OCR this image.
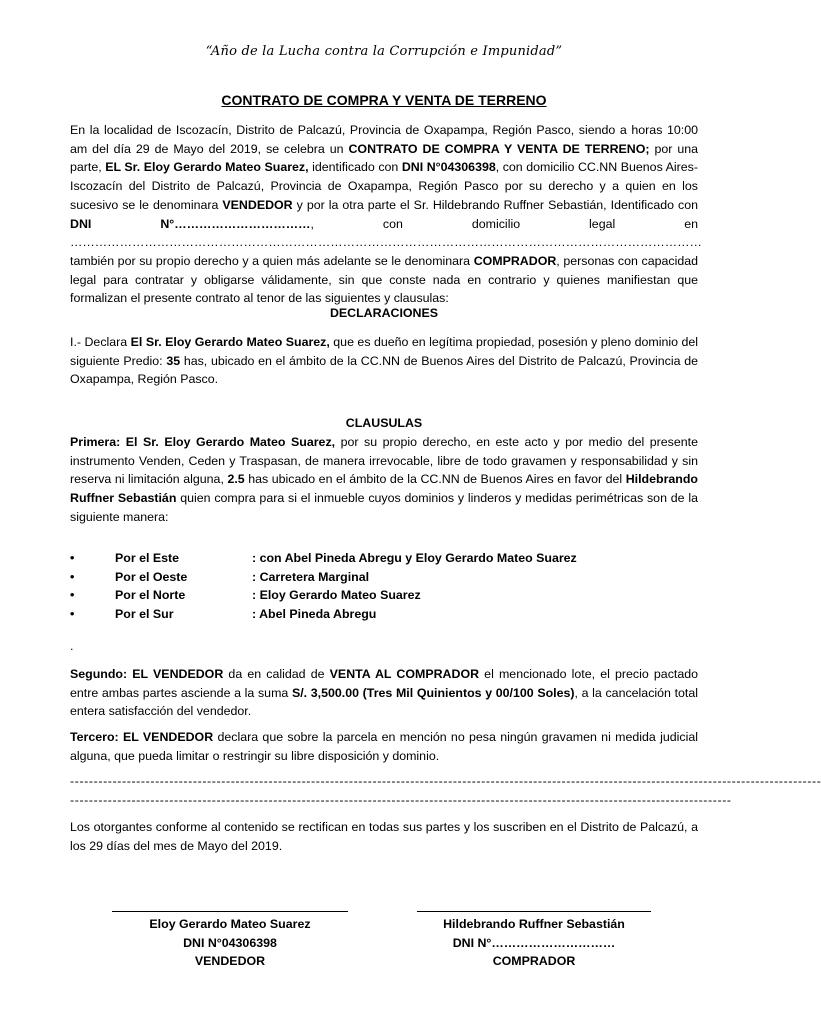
“Año de la Lucha contra la Corrupción e Impunidad”
CONTRATO DE COMPRA Y VENTA DE TERRENO

En la localidad de Iscozacín, Distrito de Palcazú, Provincia de Oxapampa, Región Pasco, siendo a horas 10:00 am del día 29 de Mayo del 2019, se celebra un CONTRATO DE COMPRA Y VENTA DE TERRENO; por una parte, EL Sr. Eloy Gerardo Mateo Suarez, identificado con DNI N°04306398, con domicilio CC.NN Buenos Aires-Iscozacín del Distrito de Palcazú, Provincia de Oxapampa, Región Pasco por su derecho y a quien en los sucesivo se le denominara VENDEDOR y por la otra parte el Sr. Hildebrando Ruffner Sebastián, Identificado con DNI N°……………………………, con domicilio legal en ……………………………………………………………………………………………………………………………………… también por su propio derecho y a quien más adelante se le denominara COMPRADOR, personas con capacidad legal para contratar y obligarse válidamente, sin que conste nada en contrario y quienes manifiestan que formalizan el presente contrato al tenor de las siguientes y clausulas:

DECLARACIONES

I.- Declara El Sr. Eloy Gerardo Mateo Suarez, que es dueño en legítima propiedad, posesión y pleno dominio del siguiente Predio: 35 has, ubicado en el ámbito de la CC.NN de Buenos Aires del Distrito de Palcazú, Provincia de Oxapampa, Región Pasco.

CLAUSULAS

Primera: El Sr. Eloy Gerardo Mateo Suarez, por su propio derecho, en este acto y por medio del presente instrumento Venden, Ceden y Traspasan, de manera irrevocable, libre de todo gravamen y responsabilidad y sin reserva ni limitación alguna, 2.5 has ubicado en el ámbito de la CC.NN de Buenos Aires en favor del Hildebrando Ruffner Sebastián quien compra para si el inmueble cuyos dominios y linderos y medidas perimétricas son de la siguiente manera:

•	Por el Este	: con Abel Pineda Abregu y Eloy Gerardo Mateo Suarez
•	Por el Oeste	: Carretera Marginal
•	Por el Norte	: Eloy Gerardo Mateo Suarez
•	Por el Sur	: Abel Pineda Abregu
.

Segundo: EL VENDEDOR da en calidad de VENTA AL COMPRADOR el mencionado lote, el precio pactado entre ambas partes asciende a la suma S/. 3,500.00 (Tres Mil Quinientos y 00/100 Soles), a la cancelación total entera satisfacción del vendedor.

Tercero: EL VENDEDOR declara que sobre la parcela en mención no pesa ningún gravamen ni medida judicial alguna, que pueda limitar o restringir su libre disposición y dominio.

---------------------------------------------------------------------------------------------------------------------------------------------------------------
--------------------------------------------------------------------------------------------------------------------------------------------

Los otorgantes conforme al contenido se rectifican en todas sus partes y los suscriben en el Distrito de Palcazú, a los 29 días del mes de Mayo del 2019.

Eloy Gerardo Mateo Suarez
DNI N°04306398
VENDEDOR
Hildebrando Ruffner Sebastián
DNI N°…………………………
COMPRADOR
